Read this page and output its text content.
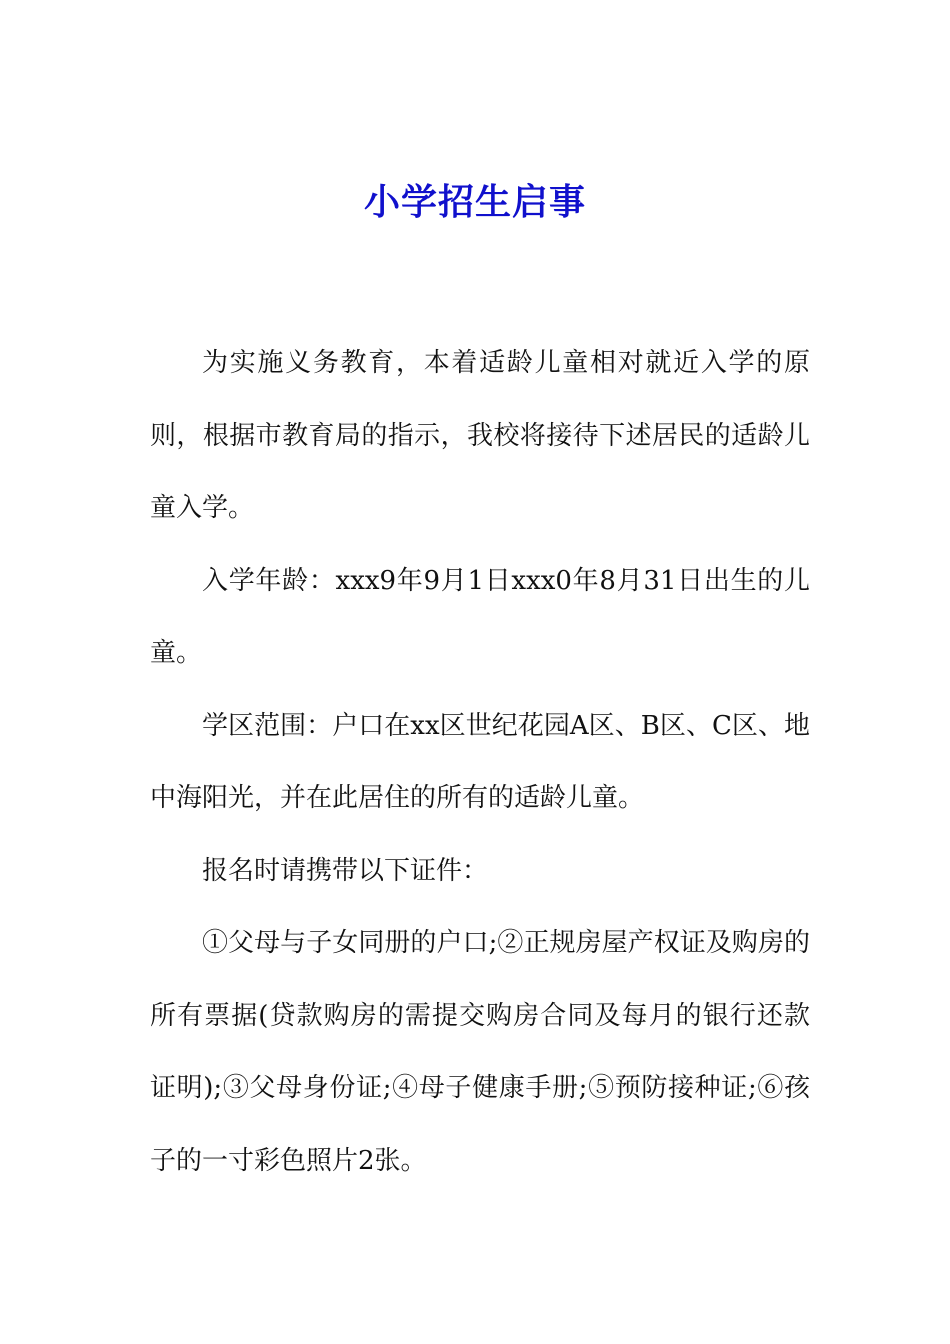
小学招生启事

为实施义务教育，本着适龄儿童相对就近入学的原则，根据市教育局的指示，我校将接待下述居民的适龄儿童入学。

入学年龄：xxx9年9月1日xxx0年8月31日出生的儿童。

学区范围：户口在xx区世纪花园A区、B区、C区、地中海阳光，并在此居住的所有的适龄儿童。

报名时请携带以下证件：

①父母与子女同册的户口;②正规房屋产权证及购房的所有票据(贷款购房的需提交购房合同及每月的银行还款证明);③父母身份证;④母子健康手册;⑤预防接种证;⑥孩子的一寸彩色照片2张。
